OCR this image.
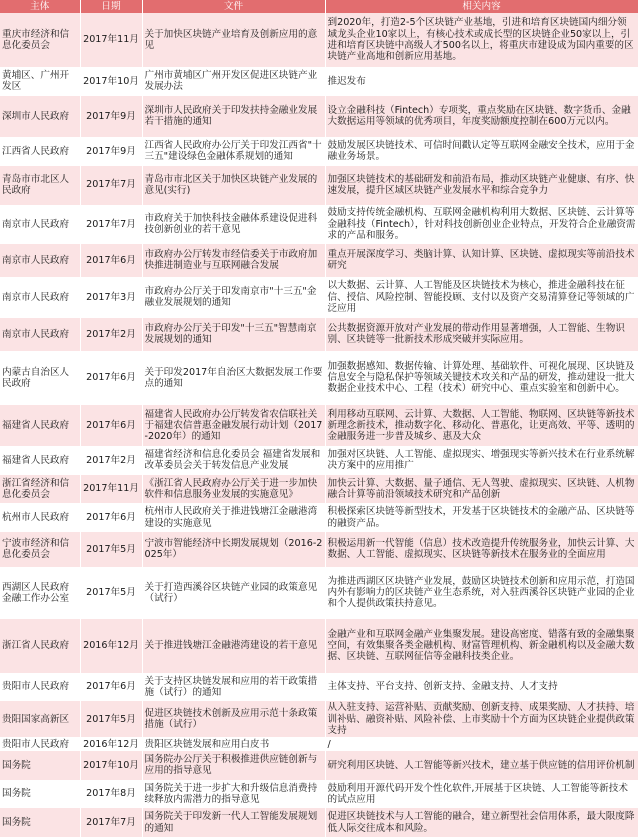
主体	日期	文件	相关内容
重庆市经济和信息化委员会	2017年11月	关于加快区块链产业培育及创新应用的意见	到2020年，打造2-5个区块链产业基地，引进和培育区块链国内细分领域龙头企业10家以上，有核心技术或成长型的区块链企业50家以上，引进和培育区块链中高级人才500名以上，将重庆市建设成为国内重要的区块链产业高地和创新应用基地。
黄埔区、广州开发区	2017年10月	广州市黄埔区广州开发区促进区块链产业发展办法	推迟发布
深圳市人民政府	2017年9月	深圳市人民政府关于印发扶持金融业发展若干措施的通知	设立金融科技（Fintech）专项奖，重点奖励在区块链、数字货币、金融大数据运用等领域的优秀项目，年度奖励额度控制在600万元以内。
江西省人民政府	2017年9月	江西省人民政府办公厅关于印发江西省"十三五"建设绿色金融体系规划的通知	鼓励发展区块链技术、可信时间戳认定等互联网金融安全技术，应用于金融业务场景。
青岛市市北区人民政府	2017年7月	青岛市市北区关于加快区块链产业发展的意见(实行)	加强区块链技术的基础研发和前沿布局，推动区块链产业健康、有序、快速发展，提升区域区块链产业发展水平和综合竞争力
南京市人民政府	2017年7月	市政府关于加快科技金融体系建设促进科技创新创业的若干意见	鼓励支持传统金融机构、互联网金融机构利用大数据、区块链、云计算等金融科技（Fintech），针对科技创新创业企业特点，开发符合企业融资需求的产品和服务。
南京市人民政府	2017年6月	市政府办公厅转发市经信委关于市政府加快推进制造业与互联网融合发展	重点开展深度学习、类脑计算、认知计算、区块链、虚拟现实等前沿技术研究
南京市人民政府	2017年3月	市政府办公厅关于印发南京市"十三五"金融业发展规划的通知	以大数据、云计算、人工智能及区块链技术为核心，推进金融科技在征信、授信、风险控制、智能投顾、支付以及资产交易清算登记等领域的广泛应用
南京市人民政府	2017年2月	市政府办公厅关于印发"十三五"智慧南京发展规划的通知	公共数据资源开放对产业发展的带动作用显著增强，人工智能、生物识别、区块链等一批新技术形成突破并实际应用。
内蒙古自治区人民政府	2017年6月	关于印发2017年自治区大数据发展工作要点的通知	加强数据感知、数据传输、计算处理、基础软件、可视化展现、区块链及信息安全与隐私保护等领域关键技术攻关和产品的研发，推动建设一批大数据企业技术中心、工程（技术）研究中心、重点实验室和创新中心。
福建省人民政府	2017年6月	福建省人民政府办公厅转发省农信联社关于福建农信普惠金融发展行动计划（2017-2020年）的通知	利用移动互联网、云计算、大数据、人工智能、物联网、区块链等新技术新理念新技术，推动数字化、移动化、普惠化，让更高效、平等、透明的金融服务进一步普及城乡、惠及大众
福建省人民政府	2017年2月	福建省经济和信息化委员会 福建省发展和改革委员会关于转发信息产业发展	加强对区块链、人工智能、虚拟现实、增强现实等新兴技术在行业系统解决方案中的应用推广
浙江省经济和信息化委员会	2017年11月	《浙江省人民政府办公厅关于进一步加快软件和信息服务业发展的实施意见》	加快云计算、大数据、量子通信、无人驾驶、虚拟现实、区块链、人机物融合计算等前沿领域技术研究和产品创新
杭州市人民政府	2017年6月	杭州市人民政府关于推进钱塘江金融港湾建设的实施意见	积极探索区块链等新型技术，开发基于区块链技术的金融产品、区块链等的融资产品。
宁波市经济和信息化委员会	2017年5月	宁波市智能经济中长期发展规划（2016-2025年）	积极运用新一代智能（信息）技术改造提升传统服务业，加快云计算、大数据、人工智能、虚拟现实、区块链等新技术在服务业的全面应用
西湖区人民政府金融工作办公室	2017年5月	关于打造西溪谷区块链产业园的政策意见（试行）	为推进西湖区区块链产业发展，鼓励区块链技术创新和应用示范，打造国内外有影响力的区块链产业生态系统，对入驻西溪谷区块链产业园的企业和个人提供政策扶持意见。
浙江省人民政府	2016年12月	关于推进钱塘江金融港湾建设的若干意见	金融产业和互联网金融产业集聚发展。建设高密度、错落有致的金融集聚空间，有效集聚各类金融机构、财富管理机构、新金融机构以及金融大数据、区块链、互联网征信等金融科技类企业。
贵阳市人民政府	2017年6月	关于支持区块链发展和应用的若干政策措施（试行）的通知	主体支持、平台支持、创新支持、金融支持、人才支持
贵阳国家高新区	2017年5月	促进区块链技术创新及应用示范十条政策措施（试行）	从入驻支持、运营补贴、贡献奖励、创新支持、成果奖励、人才扶持、培训补贴、融资补贴、风险补偿、上市奖励十个方面为区块链企业提供政策支持
贵阳市人民政府	2016年12月	贵阳区块链发展和应用白皮书	/
国务院	2017年10月	国务院办公厅关于积极推进供应链创新与应用的指导意见	研究利用区块链、人工智能等新兴技术，建立基于供应链的信用评价机制
国务院	2017年8月	国务院关于进一步扩大和升级信息消费持续释放内需潜力的指导意见	鼓励利用开源代码开发个性化软件,开展基于区块链、人工智能等新技术的试点应用
国务院	2017年7月	国务院关于印发新一代人工智能发展规划的通知	促进区块链技术与人工智能的融合，建立新型社会信用体系，最大限度降低人际交往成本和风险。
